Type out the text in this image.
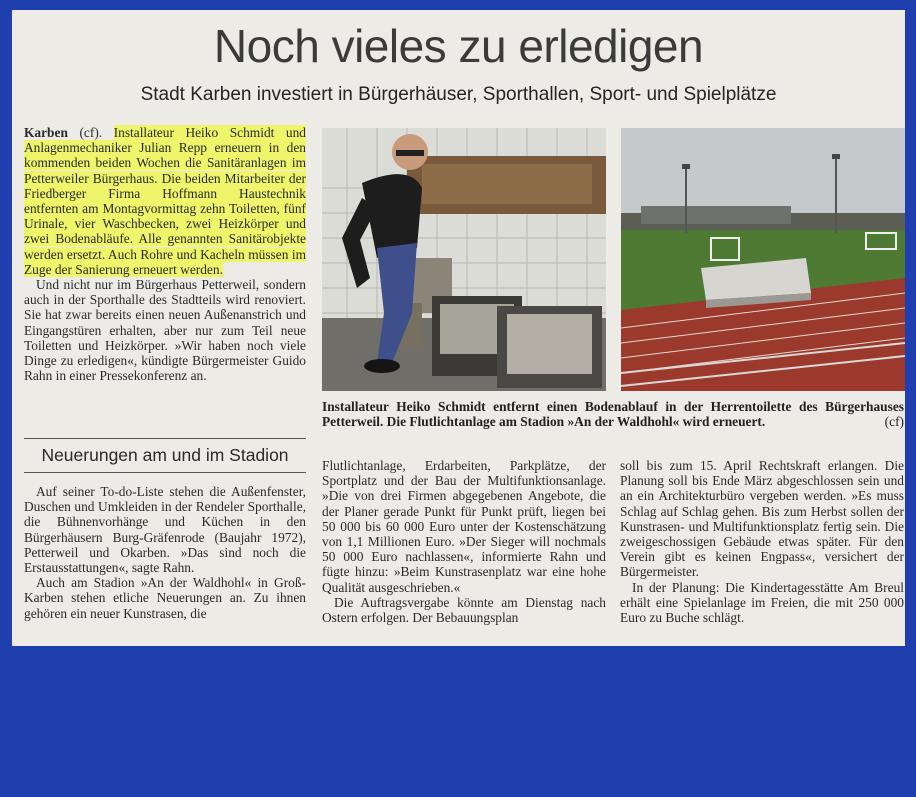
Noch vieles zu erledigen
Stadt Karben investiert in Bürgerhäuser, Sporthallen, Sport- und Spielplätze

Karben (cf). Installateur Heiko Schmidt und Anlagenmechaniker Julian Repp erneuern in den kommenden beiden Wochen die Sanitäranlagen im Petterweiler Bürgerhaus. Die beiden Mitarbeiter der Friedberger Firma Hoffmann Haustechnik entfernten am Montagvormittag zehn Toiletten, fünf Urinale, vier Waschbecken, zwei Heizkörper und zwei Bodenabläufe. Alle genannten Sanitärobjekte werden ersetzt. Auch Rohre und Kacheln müssen im Zuge der Sanierung erneuert werden.

Und nicht nur im Bürgerhaus Petterweil, sondern auch in der Sporthalle des Stadtteils wird renoviert. Sie hat zwar bereits einen neuen Außenanstrich und Eingangstüren erhalten, aber nur zum Teil neue Toiletten und Heizkörper. »Wir haben noch viele Dinge zu erledigen«, kündigte Bürgermeister Guido Rahn in einer Pressekonferenz an.

Neuerungen am und im Stadion

Auf seiner To-do-Liste stehen die Außenfenster, Duschen und Umkleiden in der Rendeler Sporthalle, die Bühnenvorhänge und Küchen in den Bürgerhäusern Burg-Gräfenrode (Baujahr 1972), Petterweil und Okarben. »Das sind noch die Erstausstattungen«, sagte Rahn.

Auch am Stadion »An der Waldhohl« in Groß-Karben stehen etliche Neuerungen an. Zu ihnen gehören ein neuer Kunstrasen, die

Installateur Heiko Schmidt entfernt einen Bodenablauf in der Herrentoilette des Bürgerhauses Petterweil. Die Flutlichtanlage am Stadion »An der Waldhohl« wird erneuert.	(cf)

Flutlichtanlage, Erdarbeiten, Parkplätze, der Sportplatz und der Bau der Multifunktionsanlage. »Die von drei Firmen abgegebenen Angebote, die der Planer gerade Punkt für Punkt prüft, liegen bei 50 000 bis 60 000 Euro unter der Kostenschätzung von 1,1 Millionen Euro. »Der Sieger will nochmals 50 000 Euro nachlassen«, informierte Rahn und fügte hinzu: »Beim Kunstrasenplatz war eine hohe Qualität ausgeschrieben.«

Die Auftragsvergabe könnte am Dienstag nach Ostern erfolgen. Der Bebauungsplan

soll bis zum 15. April Rechtskraft erlangen. Die Planung soll bis Ende März abgeschlossen sein und an ein Architekturbüro vergeben werden. »Es muss Schlag auf Schlag gehen. Bis zum Herbst sollen der Kunstrasen- und Multifunktionsplatz fertig sein. Die zweigeschossigen Gebäude etwas später. Für den Verein gibt es keinen Engpass«, versichert der Bürgermeister.

In der Planung: Die Kindertagesstätte Am Breul erhält eine Spielanlage im Freien, die mit 250 000 Euro zu Buche schlägt.
